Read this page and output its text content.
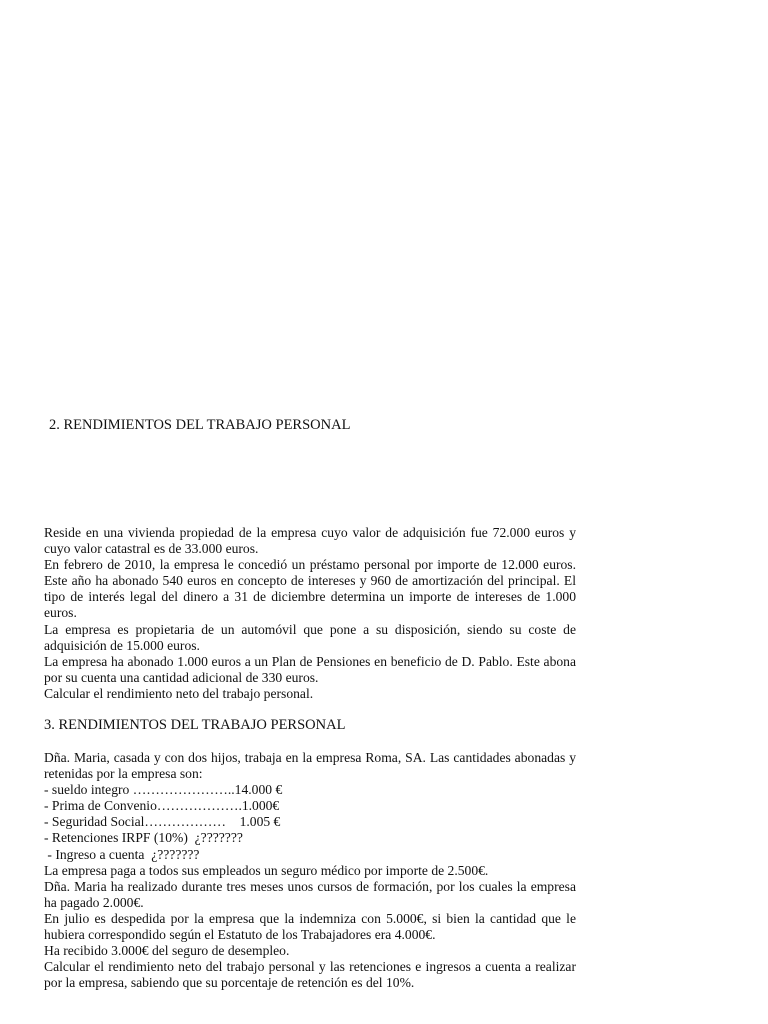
2. RENDIMIENTOS DEL TRABAJO PERSONAL

Reside en una vivienda propiedad de la empresa cuyo valor de adquisición fue 72.000 euros y cuyo valor catastral es de 33.000 euros.

En febrero de 2010, la empresa le concedió un préstamo personal por importe de 12.000 euros. Este año ha abonado 540 euros en concepto de intereses y 960 de amortización del principal. El tipo de interés legal del dinero a 31 de diciembre determina un importe de intereses de 1.000 euros.

La empresa es propietaria de un automóvil que pone a su disposición, siendo su coste de adquisición de 15.000 euros.

La empresa ha abonado 1.000 euros a un Plan de Pensiones en beneficio de D. Pablo. Este abona por su cuenta una cantidad adicional de 330 euros.

Calcular el rendimiento neto del trabajo personal.

3. RENDIMIENTOS DEL TRABAJO PERSONAL

Dña. Maria, casada y con dos hijos, trabaja en la empresa Roma, SA. Las cantidades abonadas y retenidas por la empresa son:

- sueldo integro …………………..14.000 €

- Prima de Convenio……………….1.000€

- Seguridad Social………………    1.005 €

- Retenciones IRPF (10%)  ¿???????

- Ingreso a cuenta  ¿???????

La empresa paga a todos sus empleados un seguro médico por importe de 2.500€.

Dña. Maria ha realizado durante tres meses unos cursos de formación, por los cuales la empresa ha pagado 2.000€.

En julio es despedida por la empresa que la indemniza con 5.000€, si bien la cantidad que le hubiera correspondido según el Estatuto de los Trabajadores era 4.000€.

Ha recibido 3.000€ del seguro de desempleo.

Calcular el rendimiento neto del trabajo personal y las retenciones e ingresos a cuenta a realizar por la empresa, sabiendo que su porcentaje de retención es del 10%.
